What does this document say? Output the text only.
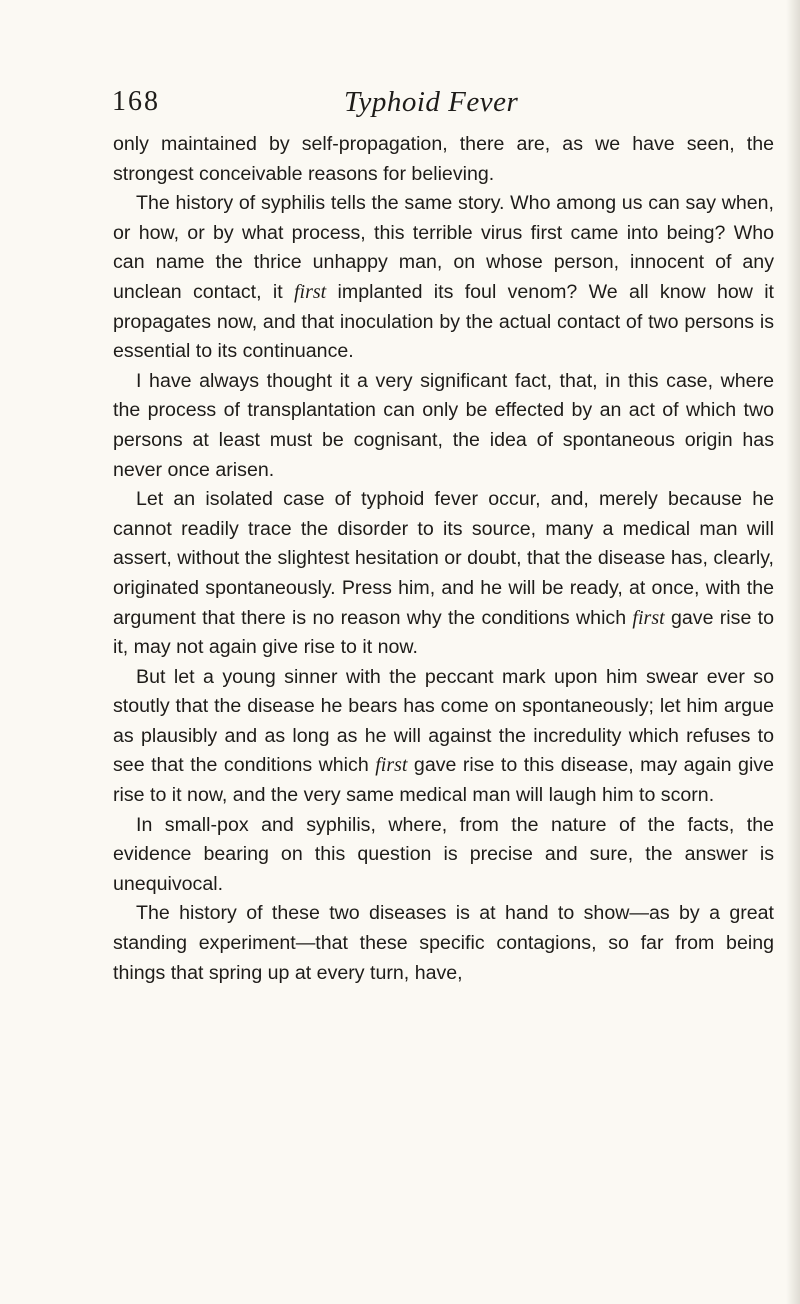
168	Typhoid Fever

only maintained by self-propagation, there are, as we have seen, the strongest conceivable reasons for believing.

The history of syphilis tells the same story. Who among us can say when, or how, or by what process, this terrible virus first came into being? Who can name the thrice unhappy man, on whose person, innocent of any unclean contact, it first implanted its foul venom? We all know how it propagates now, and that inoculation by the actual contact of two persons is essential to its continuance.

I have always thought it a very significant fact, that, in this case, where the process of transplantation can only be effected by an act of which two persons at least must be cognisant, the idea of spontaneous origin has never once arisen.

Let an isolated case of typhoid fever occur, and, merely because he cannot readily trace the disorder to its source, many a medical man will assert, without the slightest hesitation or doubt, that the disease has, clearly, originated spontaneously. Press him, and he will be ready, at once, with the argument that there is no reason why the conditions which first gave rise to it, may not again give rise to it now.

But let a young sinner with the peccant mark upon him swear ever so stoutly that the disease he bears has come on spontaneously; let him argue as plausibly and as long as he will against the incredulity which refuses to see that the conditions which first gave rise to this disease, may again give rise to it now, and the very same medical man will laugh him to scorn.

In small-pox and syphilis, where, from the nature of the facts, the evidence bearing on this question is precise and sure, the answer is unequivocal.

The history of these two diseases is at hand to show—as by a great standing experiment—that these specific contagions, so far from being things that spring up at every turn, have,
